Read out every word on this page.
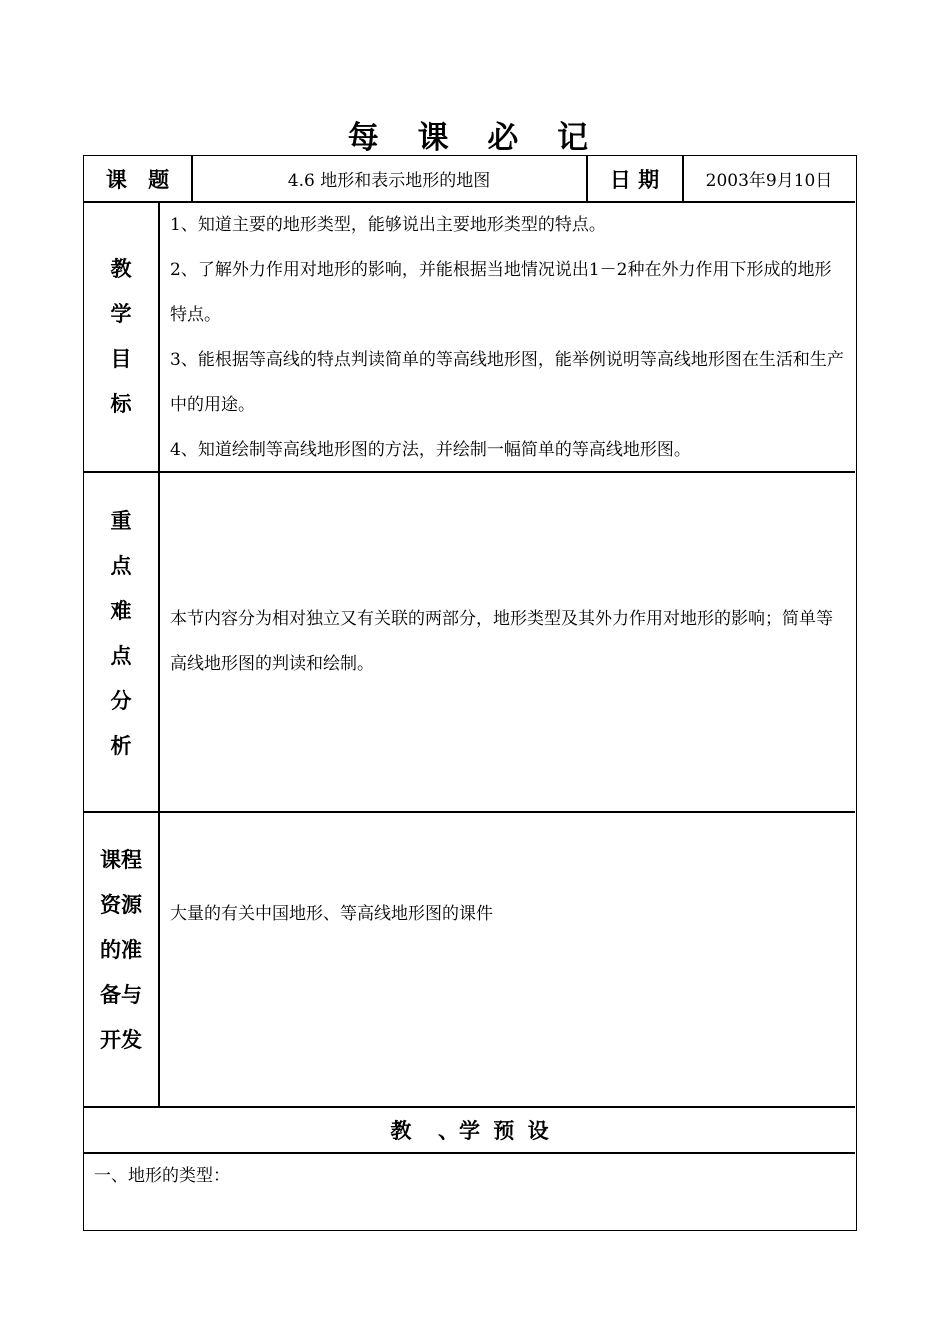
每 课 必 记
课 题	4.6 地形和表示地形的地图	日 期	2003年9月10日
教
学
目
标

1、知道主要的地形类型，能够说出主要地形类型的特点。

2、了解外力作用对地形的影响，并能根据当地情况说出1－2种在外力作用下形成的地形特点。

3、能根据等高线的特点判读简单的等高线地形图，能举例说明等高线地形图在生活和生产中的用途。

4、知道绘制等高线地形图的方法，并绘制一幅简单的等高线地形图。

重
点
难
点
分
析

本节内容分为相对独立又有关联的两部分，地形类型及其外力作用对地形的影响；简单等高线地形图的判读和绘制。

课程
资源
的准
备与
开发

大量的有关中国地形、等高线地形图的课件

教  、学 预 设

一、地形的类型：
